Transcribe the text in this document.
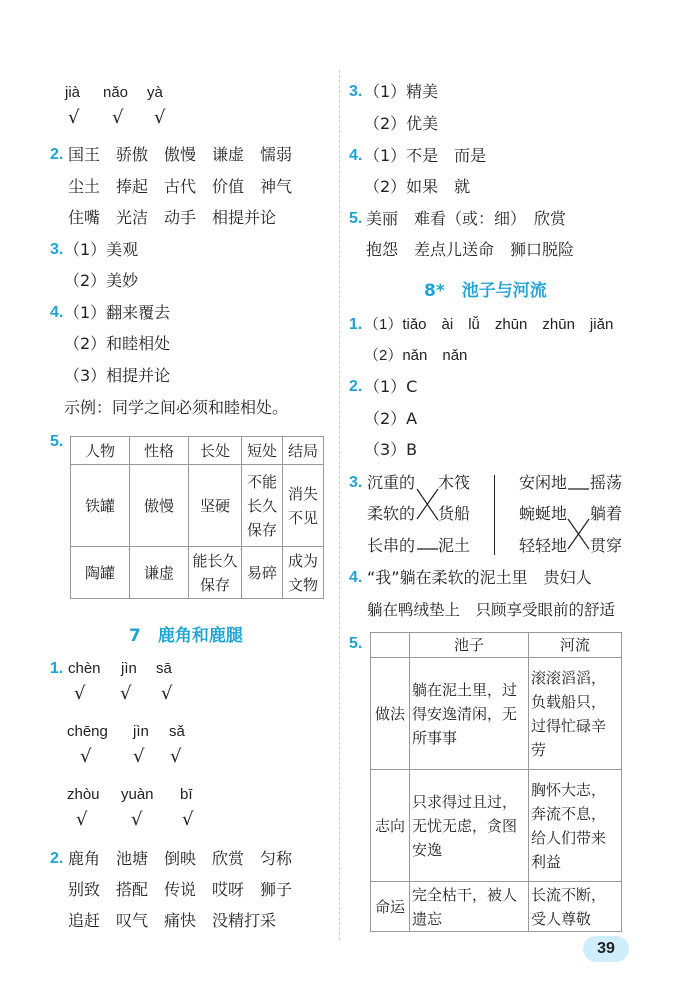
jià nǎo yà
√ √ √
2. 国王　骄傲　傲慢　谦虚　懦弱
尘土　捧起　古代　价值　神气
住嘴　光洁　动手　相提并论
3. （1）美观
（2）美妙
4. （1）翻来覆去
（2）和睦相处
（3）相提并论
示例：同学之间必须和睦相处。
5. 人物	性格	长处	短处	结局
铁罐	傲慢	坚硬	不能长久保存	消失不见
陶罐	谦虚	能长久保存	易碎	成为文物
7　鹿角和鹿腿
1. chèn jìn sā
√ √ √
chēng jìn sǎ
√ √ √
zhòu yuàn bī
√ √ √
2. 鹿角　池塘　倒映　欣赏　匀称
别致　搭配　传说　哎呀　狮子
追赶　叹气　痛快　没精打采
3. （1）精美
（2）优美
4. （1）不是　而是
（2）如果　就
5. 美丽　难看（或：细）　欣赏
抱怨　差点儿送命　狮口脱险
8*　池子与河流
1. （1）tiǎo　ài　lǚ　zhūn　zhūn　jiǎn
（2）nǎn　nǎn
2. （1）C
（2）A
（3）B
3. 沉重的
柔软的
长串的
木筏
货船
泥土
安闲地
蜿蜒地
轻轻地
摇荡
躺着
贯穿
4. “我”躺在柔软的泥土里　贵妇人
躺在鸭绒垫上　只顾享受眼前的舒适
5.
		池子	河流
做法	躺在泥土里，过得安逸清闲，无所事事	滚滚滔滔，负载船只，过得忙碌辛劳
志向	只求得过且过，无忧无虑，贪图安逸	胸怀大志，奔流不息，给人们带来利益
命运	完全枯干，被人遗忘	长流不断，受人尊敬
39
